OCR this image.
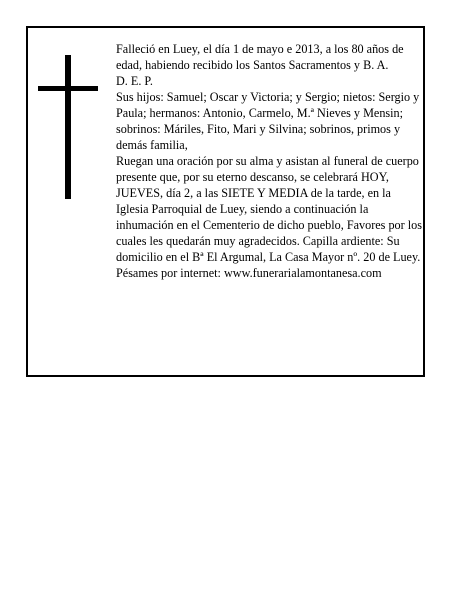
Falleció en Luey, el día 1 de mayo e 2013, a los 80 años de edad, habiendo recibido los Santos Sacramentos y B. A.

D. E. P.

Sus hijos: Samuel; Oscar y Victoria; y Sergio; nietos: Sergio y Paula; hermanos: Antonio, Carmelo, M.ª Nieves y Mensin; sobrinos: Máriles, Fito, Mari y Silvina; sobrinos, primos y demás familia,

Ruegan una oración por su alma y asistan al funeral de cuerpo presente que, por su eterno descanso, se celebrará HOY, JUEVES, día 2, a las SIETE Y MEDIA de la tarde, en la Iglesia Parroquial de Luey, siendo a continuación la inhumación en el Cementerio de dicho pueblo, Favores por los cuales les quedarán muy agradecidos. Capilla ardiente: Su domicilio en el Bª El Argumal, La Casa Mayor nº. 20 de Luey.

Pésames por internet: www.funerarialamontanesa.com
